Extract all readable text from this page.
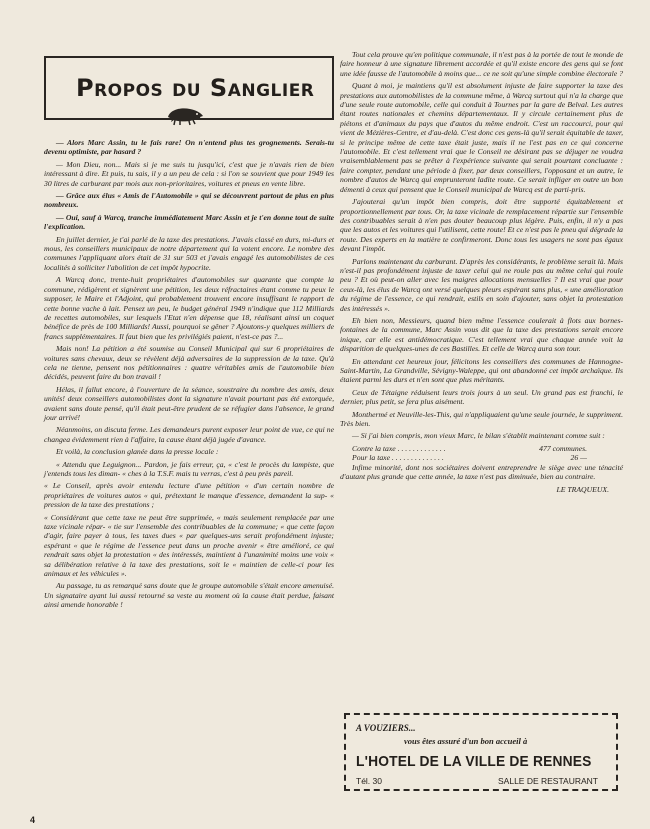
Propos du Sanglier

— Alors Marc Assin, tu le fais rare! On n'entend plus tes grognements. Serais-tu devenu optimiste, par hasard ?

— Mon Dieu, non... Mais si je me suis tu jusqu'ici, c'est que je n'avais rien de bien intéressant à dire. Et puis, tu sais, il y a un peu de cela : si l'on se souvient que pour 1949 les 30 litres de carburant par mois aux non-prioritaires, voitures et pneus en vente libre.

— Grâce aux élus « Amis de l'Automobile » qui se découvrent partout de plus en plus nombreux.

— Oui, sauf à Warcq, tranche immédiatement Marc Assin et je t'en donne tout de suite l'explication.

En juillet dernier, je t'ai parlé de la taxe des prestations. J'avais classé en durs, mi-durs et mous, les conseillers municipaux de notre département qui la votent encore. Le nombre des communes l'appliquant alors était de 31 sur 503 et j'avais engagé les automobilistes de ces localités à solliciter l'abolition de cet impôt hypocrite.

A Warcq donc, trente-huit propriétaires d'automobiles sur quarante que compte la commune, rédigèrent et signèrent une pétition, les deux réfractaires étant comme tu peux le supposer, le Maire et l'Adjoint, qui probablement trouvent encore insuffisant le rapport de cette bonne vache à lait. Pensez un peu, le budget général 1949 n'indique que 112 Milliards de recettes automobiles, sur lesquels l'Etat n'en dépense que 18, réalisant ainsi un coquet bénéfice de près de 100 Milliards! Aussi, pourquoi se gêner ? Ajoutons-y quelques milliers de francs supplémentaires. Il faut bien que les privilégiés paient, n'est-ce pas ?...

Mais non! La pétition a été soumise au Conseil Municipal qui sur 6 propriétaires de voitures sans chevaux, deux se révèlent déjà adversaires de la suppression de la taxe. Qu'à cela ne tienne, pensent nos pétitionnaires : quatre véritables amis de l'automobile bien décidés, peuvent faire du bon travail !

Hélas, il fallut encore, à l'ouverture de la séance, soustraire du nombre des amis, deux unités! deux conseillers automobilistes dont la signature n'avait pourtant pas été extorquée, avaient sans doute pensé, qu'il était peut-être prudent de se réfugier dans l'absence, le grand jour arrivé!

Néanmoins, on discuta ferme. Les demandeurs purent exposer leur point de vue, ce qui ne changea évidemment rien à l'affaire, la cause étant déjà jugée d'avance.

Et voilà, la conclusion glanée dans la presse locale :

« Attendu que Leguignon... Pardon, je fais erreur, ça, « c'est le procès du lampiste, que j'entends tous les diman- « ches à la T.S.F. mais tu verras, c'est à peu près pareil.

« Le Conseil, après avoir entendu lecture d'une pétition « d'un certain nombre de propriétaires de voitures autos « qui, prétextant le manque d'essence, demandent la sup- « pression de la taxe des prestations ;

« Considérant que cette taxe ne peut être supprimée, « mais seulement remplacée par une taxe vicinale répar- « tie sur l'ensemble des contribuables de la commune; « que cette façon d'agir, faire payer à tous, les taxes dues « par quelques-uns serait profondément injuste; espérant « que le régime de l'essence peut dans un proche avenir « être amélioré, ce qui rendrait sans objet la protestation « des intéressés, maintient à l'unanimité moins une voix « sa délibération relative à la taxe des prestations, soit le « maintien de celle-ci pour les animaux et les véhicules ».

Au passage, tu as remarqué sans doute que le groupe automobile s'était encore amenuisé. Un signataire ayant lui aussi retourné sa veste au moment où la cause était perdue, faisant ainsi amende honorable !

Tout cela prouve qu'en politique communale, il n'est pas à la portée de tout le monde de faire honneur à une signature librement accordée et qu'il existe encore des gens qui se font une idée fausse de l'automobile à moins que... ce ne soit qu'une simple combine électorale ?

Quant à moi, je maintiens qu'il est absolument injuste de faire supporter la taxe des prestations aux automobilistes de la commune même, à Warcq surtout qui n'a la charge que d'une seule route automobile, celle qui conduit à Tournes par la gare de Belval. Les autres étant routes nationales et chemins départementaux. Il y circule certainement plus de piétons et d'animaux du pays que d'autos du même endroit. C'est un raccourci, pour qui vient de Mézières-Centre, et d'au-delà. C'est donc ces gens-là qu'il serait équitable de taxer, si le principe même de cette taxe était juste, mais il ne l'est pas en ce qui concerne l'automobile. Et c'est tellement vrai que le Conseil ne désirant pas se déjuger ne voudra vraisemblablement pas se prêter à l'expérience suivante qui serait pourtant concluante : faire compter, pendant une période à fixer, par deux conseillers, l'opposant et un autre, le nombre d'autos de Warcq qui emprunteront ladite route. Ce serait infliger en outre un bon démenti à ceux qui pensent que le Conseil municipal de Warcq est de parti-pris.

J'ajouterai qu'un impôt bien compris, doit être supporté équitablement et proportionnellement par tous. Or, la taxe vicinale de remplacement répartie sur l'ensemble des contribuables serait à n'en pas douter beaucoup plus légère. Puis, enfin, il n'y a pas que les autos et les voitures qui l'utilisent, cette route! Et ce n'est pas le pneu qui dégrade la route. Des experts en la matière te confirmeront. Donc tous les usagers ne sont pas égaux devant l'impôt.

Parlons maintenant du carburant. D'après les considérants, le problème serait là. Mais n'est-il pas profondément injuste de taxer celui qui ne roule pas au même celui qui roule peu ? Et où peut-on aller avec les maigres allocations mensuelles ? Il est vrai que pour ceux-là, les élus de Warcq ont versé quelques pleurs espérant sans plus, « une amélioration du régime de l'essence, ce qui rendrait, estils en soin d'ajouter, sans objet la protestation des intéressés ».

Eh bien non, Messieurs, quand bien même l'essence coulerait à flots aux bornes-fontaines de la commune, Marc Assin vous dit que la taxe des prestations serait encore inique, car elle est antidémocratique. C'est tellement vrai que chaque année voit la disparition de quelques-unes de ces Bastilles. Et celle de Warcq aura son tour.

En attendant cet heureux jour, félicitons les conseillers des communes de Hannogne-Saint-Martin, La Grandville, Sévigny-Waleppe, qui ont abandonné cet impôt archaïque. Ils étaient parmi les durs et n'en sont que plus méritants.

Ceux de Tétaigne réduisent leurs trois jours à un seul. Un grand pas est franchi, le dernier, plus petit, se fera plus aisément.

Monthermé et Neuville-les-This, qui n'appliquaient qu'une seule journée, le suppriment. Très bien.

— Si j'ai bien compris, mon vieux Marc, le bilan s'établit maintenant comme suit :

Contre la taxe . . . . . . . . . . . . .	477 communes.
Pour la taxe . . . . . . . . . . . . . .	26 —

Infime minorité, dont nos sociétaires doivent entreprendre le siège avec une ténacité d'autant plus grande que cette année, la taxe n'est pas diminuée, bien au contraire.

LE TRAQUEUX.
A VOUZIERS...
vous êtes assuré d'un bon accueil à
L'HOTEL DE LA VILLE DE RENNES
Tél. 30	SALLE DE RESTAURANT
4
